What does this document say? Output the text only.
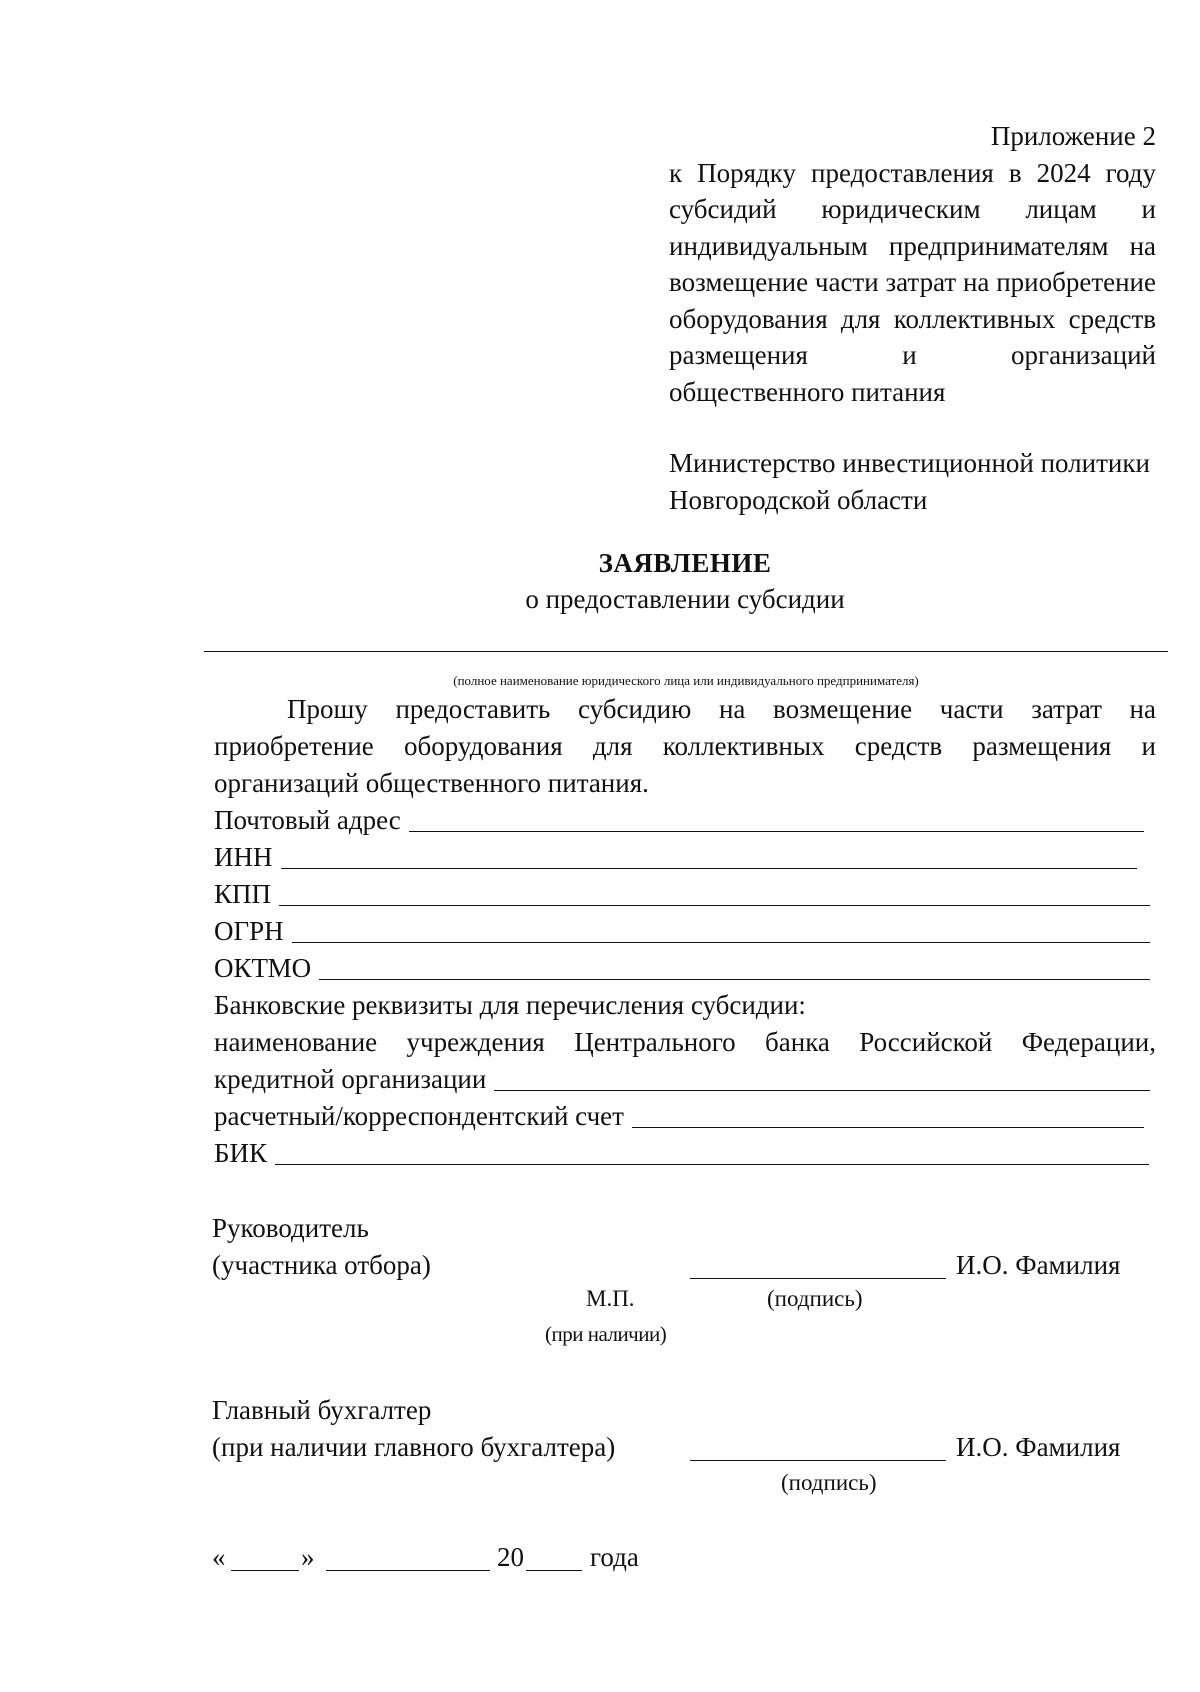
Приложение 2
к Порядку предоставления в 2024 году субсидий юридическим лицам и индивидуальным предпринимателям на возмещение части затрат на приобретение оборудования для коллективных средств размещения и организаций общественного питания
Министерство инвестиционной политики
Новгородской области
ЗАЯВЛЕНИЕ
о предоставлении субсидии
(полное наименование юридического лица или индивидуального предпринимателя)
Прошу предоставить субсидию на возмещение части затрат на приобретение оборудования для коллективных средств размещения и организаций общественного питания.
Почтовый адрес
ИНН
КПП
ОГРН
ОКТМО
Банковские реквизиты для перечисления субсидии:
наименование учреждения Центрального банка Российской Федерации,
кредитной организации
расчетный/корреспондентский счет
БИК
Руководитель
(участника отбора)	И.О. Фамилия
М.П.	(подпись)
(при наличии)
Главный бухгалтер
(при наличии главного бухгалтера)	И.О. Фамилия
(подпись)
«	»	20 года
